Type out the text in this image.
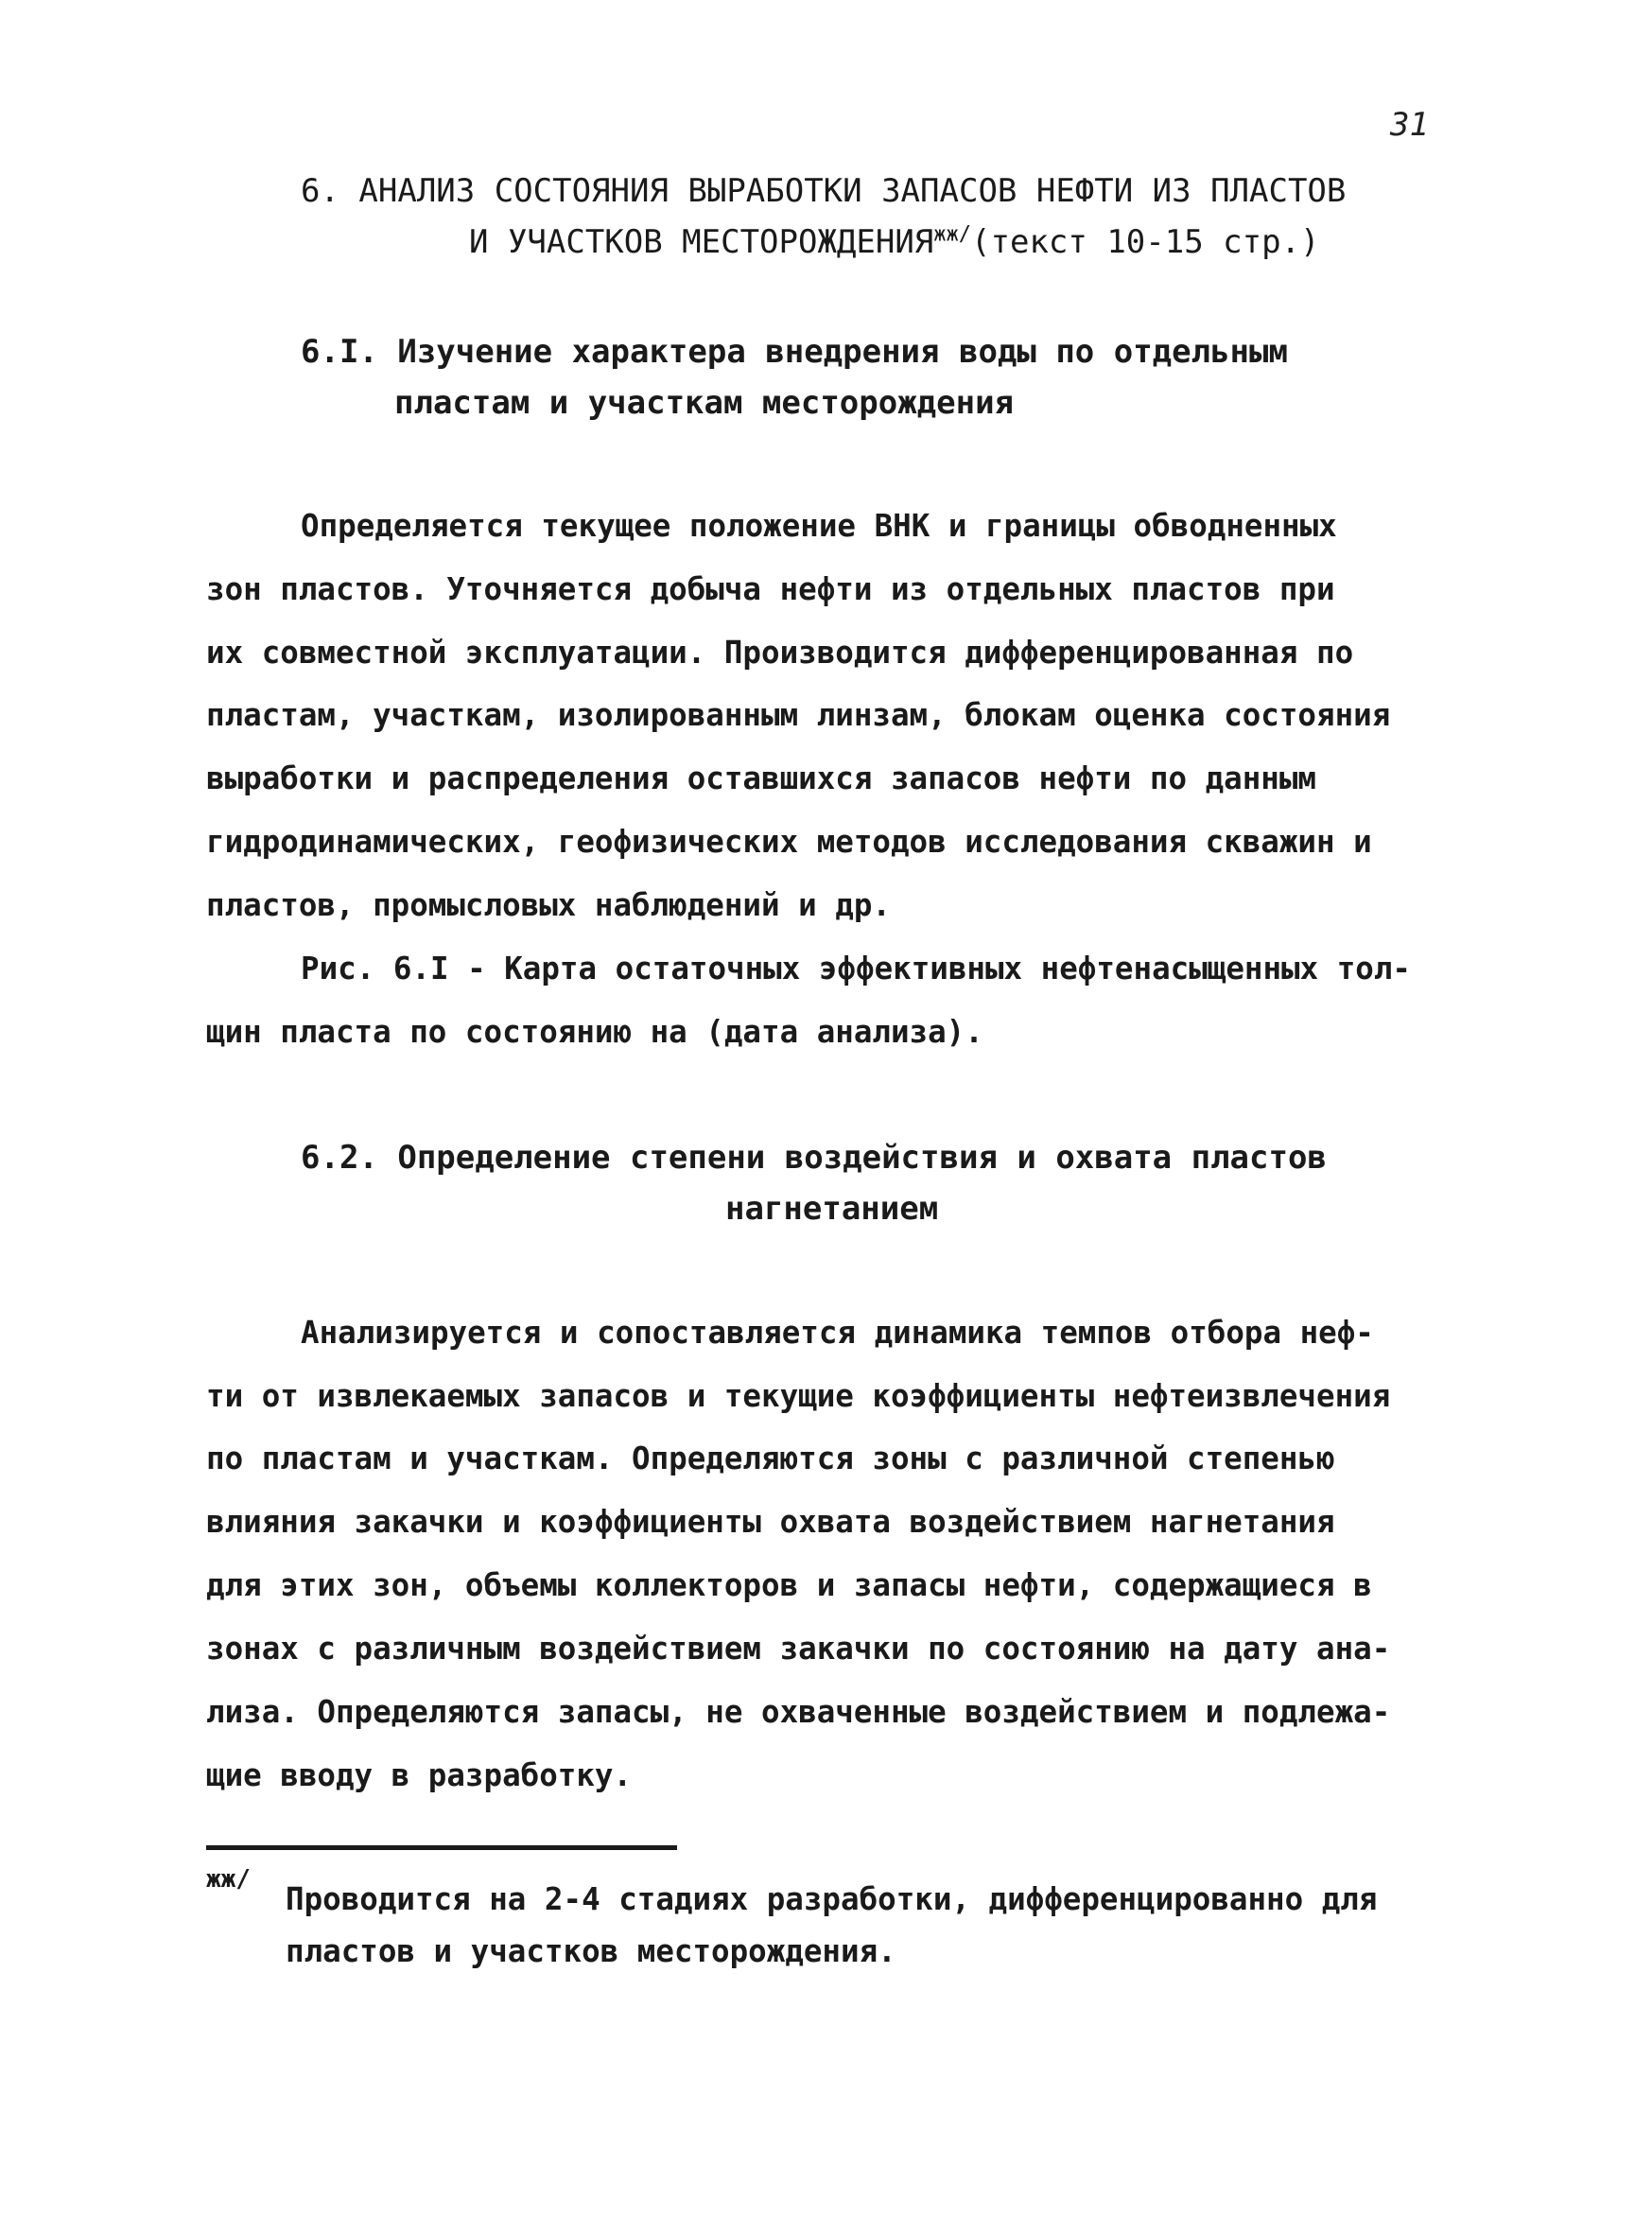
31
6. АНАЛИЗ СОСТОЯНИЯ ВЫРАБОТКИ ЗАПАСОВ НЕФТИ ИЗ ПЛАСТОВ
И УЧАСТКОВ $МЕСТОРОЖДЕНИЯ^{жж/}(текст$ 10-15 стр.)
6.I. Изучение характера внедрения воды по отдельным
пластам и участкам месторождения
Определяется текущее положение ВНК и границы обводненных
зон пластов. Уточняется добыча нефти из отдельных пластов при
их совместной эксплуатации. Производится дифференцированная по
пластам, участкам, изолированным линзам, блокам оценка состояния
выработки и распределения оставшихся запасов нефти по данным
гидродинамических, геофизических методов исследования скважин и
пластов, промысловых наблюдений и др.
Рис. 6.I - Карта остаточных эффективных нефтенасыщенных тол-
щин пласта по состоянию на (дата анализа).
6.2. Определение степени воздействия и охвата пластов
нагнетанием
Анализируется и сопоставляется динамика темпов отбора неф-
ти от извлекаемых запасов и текущие коэффициенты нефтеизвлечения
по пластам и участкам. Определяются зоны с различной степенью
влияния закачки и коэффициенты охвата воздействием нагнетания
для этих зон, объемы коллекторов и запасы нефти, содержащиеся в
зонах с различным воздействием закачки по состоянию на дату ана-
лиза. Определяются запасы, не охваченные воздействием и подлежа-
щие вводу в разработку.
жж/
Проводится на 2-4 стадиях разработки, дифференцированно для
пластов и участков месторождения.
